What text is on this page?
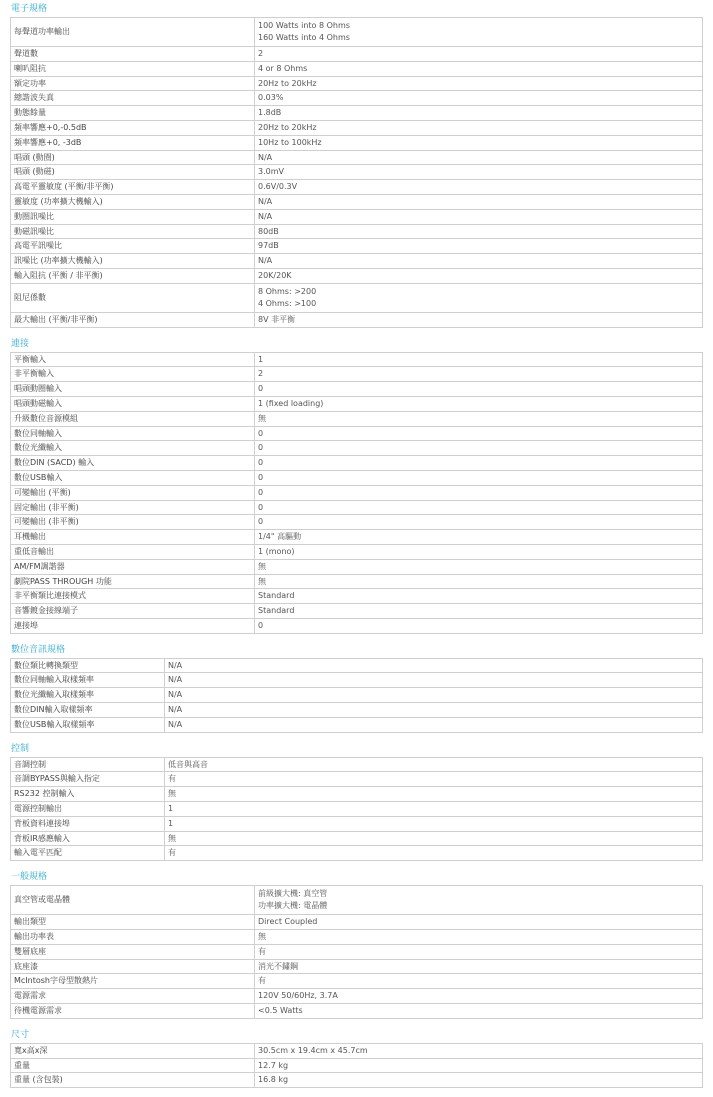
電子規格
每聲道功率輸出	100 Watts into 8 Ohms
160 Watts into 4 Ohms

聲道數	2
喇叭阻抗	4 or 8 Ohms
額定功率	20Hz to 20kHz
總諧波失真	0.03%
動態餘量	1.8dB
頻率響應+0,-0.5dB	20Hz to 20kHz
頻率響應+0, -3dB	10Hz to 100kHz
唱頭 (動圈)	N/A
唱頭 (動磁)	3.0mV
高電平靈敏度 (平衡/非平衡)	0.6V/0.3V
靈敏度 (功率擴大機輸入)	N/A
動圈訊噪比	N/A
動磁訊噪比	80dB
高電平訊噪比	97dB
訊噪比 (功率擴大機輸入)	N/A
輸入阻抗 (平衡 / 非平衡)	20K/20K
阻尼係數	8 Ohms: >200
4 Ohms: >100

最大輸出 (平衡/非平衡)	8V 非平衡
連接
平衡輸入	1
非平衡輸入	2
唱頭動圈輸入	0
唱頭動磁輸入	1 (fixed loading)
升級數位音源模組	無
數位同軸輸入	0
數位光纖輸入	0
數位DIN (SACD) 輸入	0
數位USB輸入	0
可變輸出 (平衡)	0
固定輸出 (非平衡)	0
可變輸出 (非平衡)	0
耳機輸出	1/4" 高驅動
重低音輸出	1 (mono)
AM/FM調諧器	無
劇院PASS THROUGH 功能	無
非平衡類比連接模式	Standard
音響鍍金接線端子	Standard
連接埠	0
數位音訊規格
數位類比轉換類型	N/A
數位同軸輸入取樣頻率	N/A
數位光纖輸入取樣頻率	N/A
數位DIN輸入取樣頻率	N/A
數位USB輸入取樣頻率	N/A
控制
音調控制	低音與高音
音調BYPASS與輸入指定	有
RS232 控制輸入	無
電源控制輸出	1
背板資料連接埠	1
背板IR感應輸入	無
輸入電平匹配	有
一般規格
真空管或電晶體	前級擴大機: 真空管
功率擴大機: 電晶體

輸出類型	Direct Coupled
輸出功率表	無
雙層底座	有
底座漆	消光不鏽鋼
McIntosh字母型散熱片	有
電源需求	120V 50/60Hz, 3.7A
待機電源需求	<0.5 Watts
尺寸
寬x高x深	30.5cm x 19.4cm x 45.7cm
重量	12.7 kg
重量 (含包裝)	16.8 kg
